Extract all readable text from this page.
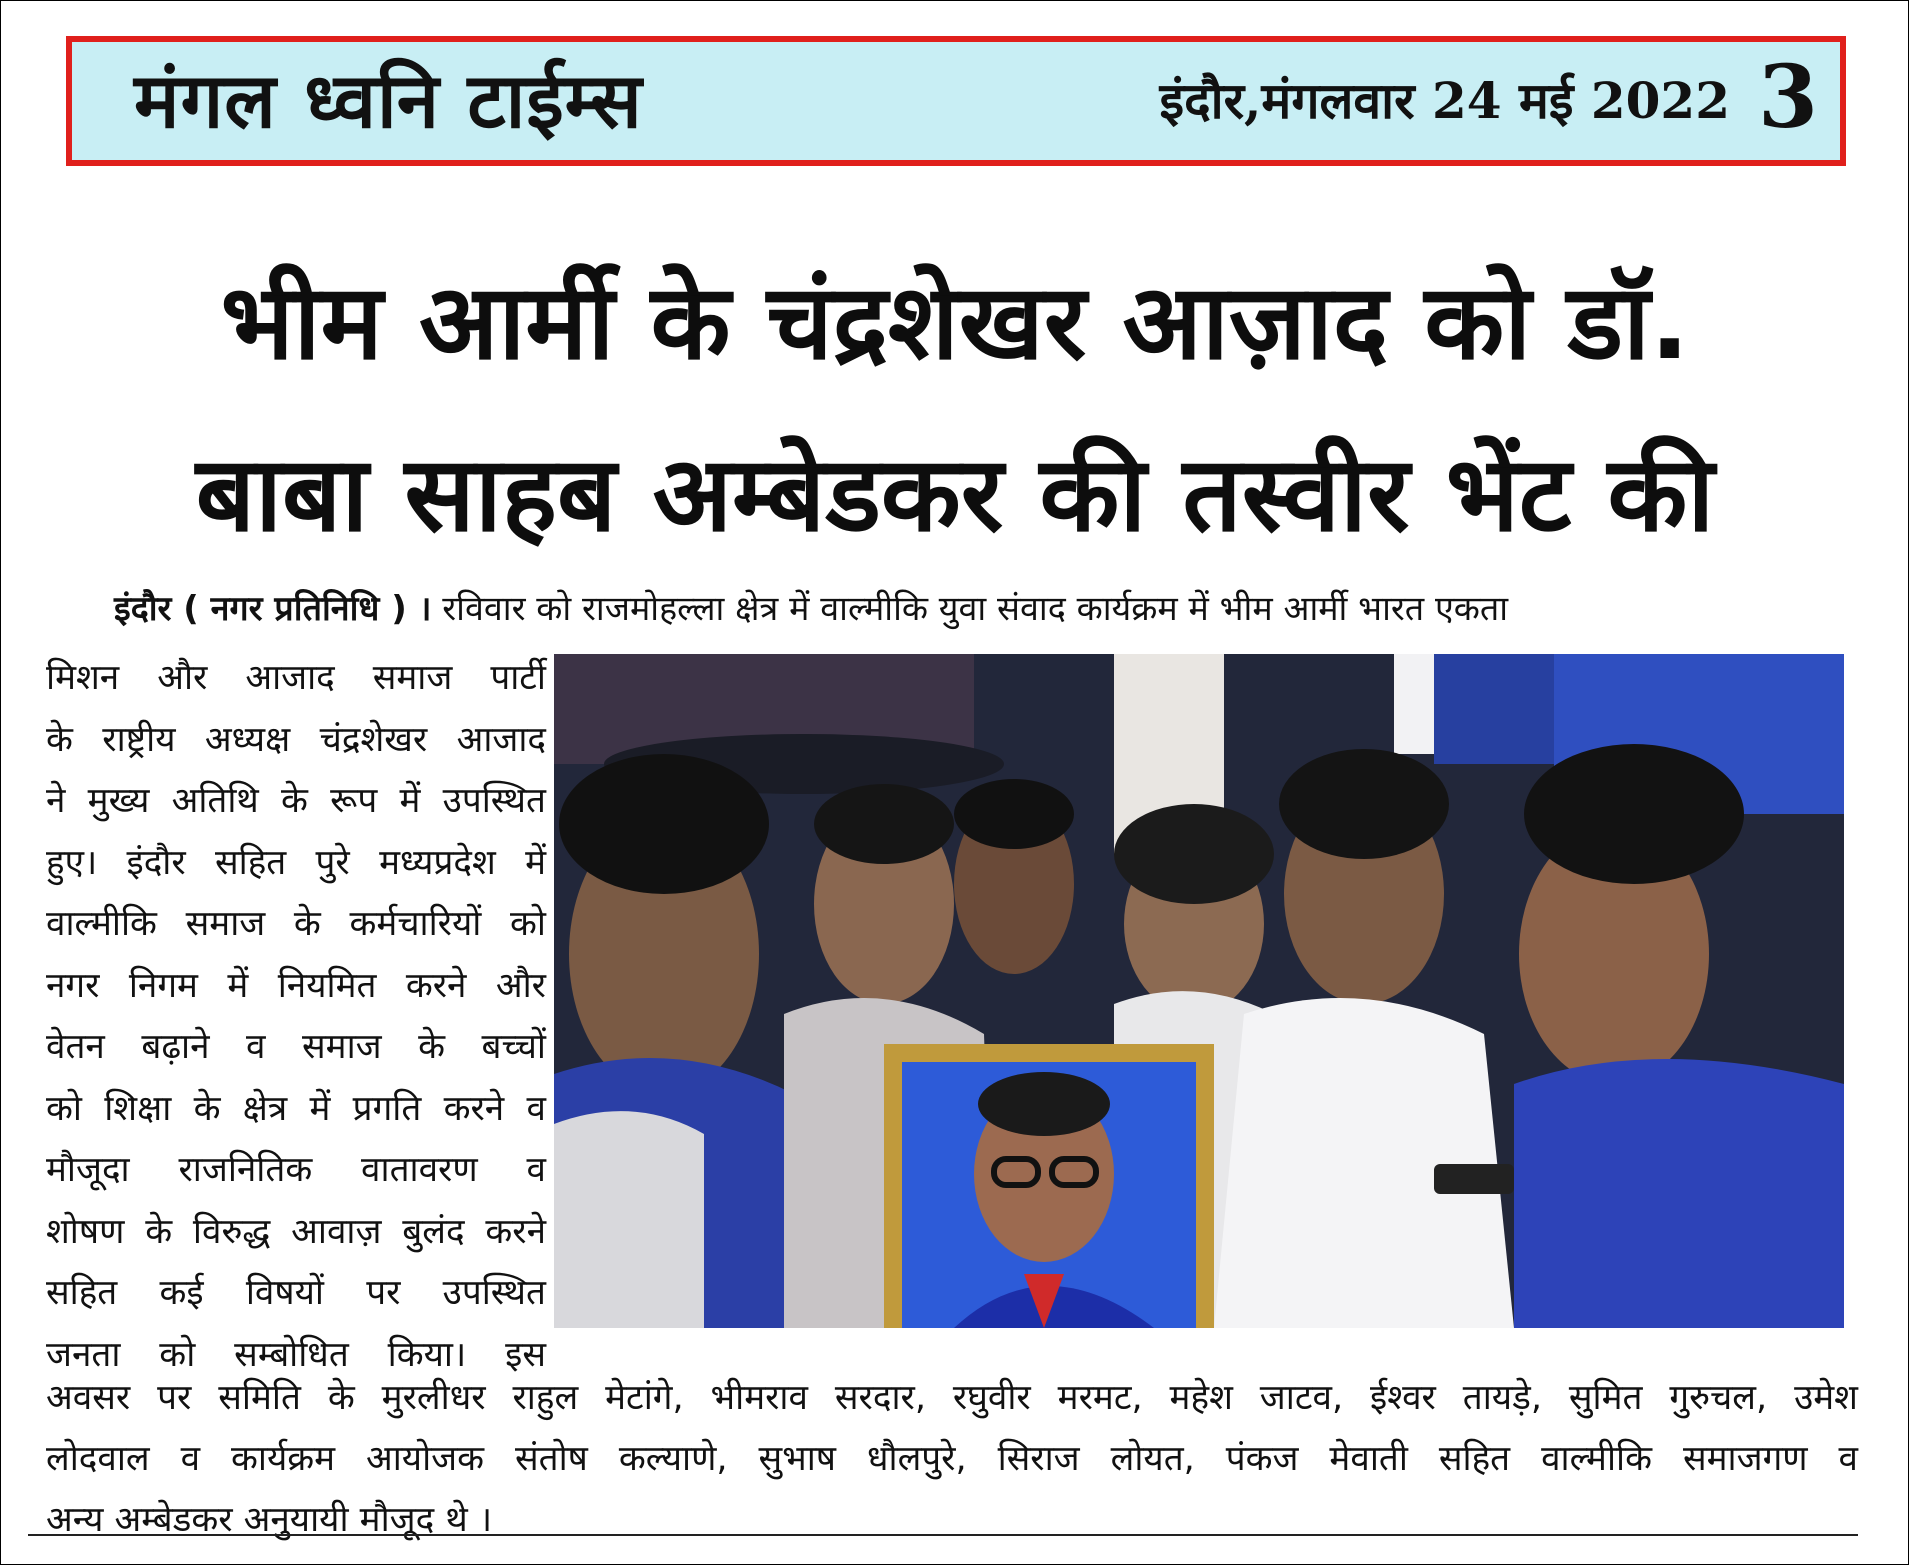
मंगल ध्वनि टाईम्स	इंदौर,मंगलवार 24 मई 2022 3
भीम आर्मी के चंद्रशेखर आज़ाद को डॉ.
बाबा साहब अम्बेडकर की तस्वीर भेंट की
इंदौर ( नगर प्रतिनिधि ) । रविवार को राजमोहल्ला क्षेत्र में वाल्मीकि युवा संवाद कार्यक्रम में भीम आर्मी भारत एकता
मिशन और आजाद समाज पार्टी
के राष्ट्रीय अध्यक्ष चंद्रशेखर आजाद
ने मुख्य अतिथि के रूप में उपस्थित
हुए। इंदौर सहित पुरे मध्यप्रदेश में
वाल्मीकि समाज के कर्मचारियों को
नगर निगम में नियमित करने और
वेतन बढ़ाने व समाज के बच्चों
को शिक्षा के क्षेत्र में प्रगति करने व
मौजूदा राजनितिक वातावरण व
शोषण के विरुद्ध आवाज़ बुलंद करने
सहित कई विषयों पर उपस्थित
जनता को सम्बोधित किया। इस
अवसर पर समिति के मुरलीधर राहुल मेटांगे, भीमराव सरदार, रघुवीर मरमट, महेश जाटव, ईश्वर तायड़े, सुमित गुरुचल, उमेश
लोदवाल व कार्यक्रम आयोजक संतोष कल्याणे, सुभाष धौलपुरे, सिराज लोयत, पंकज मेवाती सहित वाल्मीकि समाजगण व
अन्य अम्बेडकर अनुयायी मौजूद थे ।
